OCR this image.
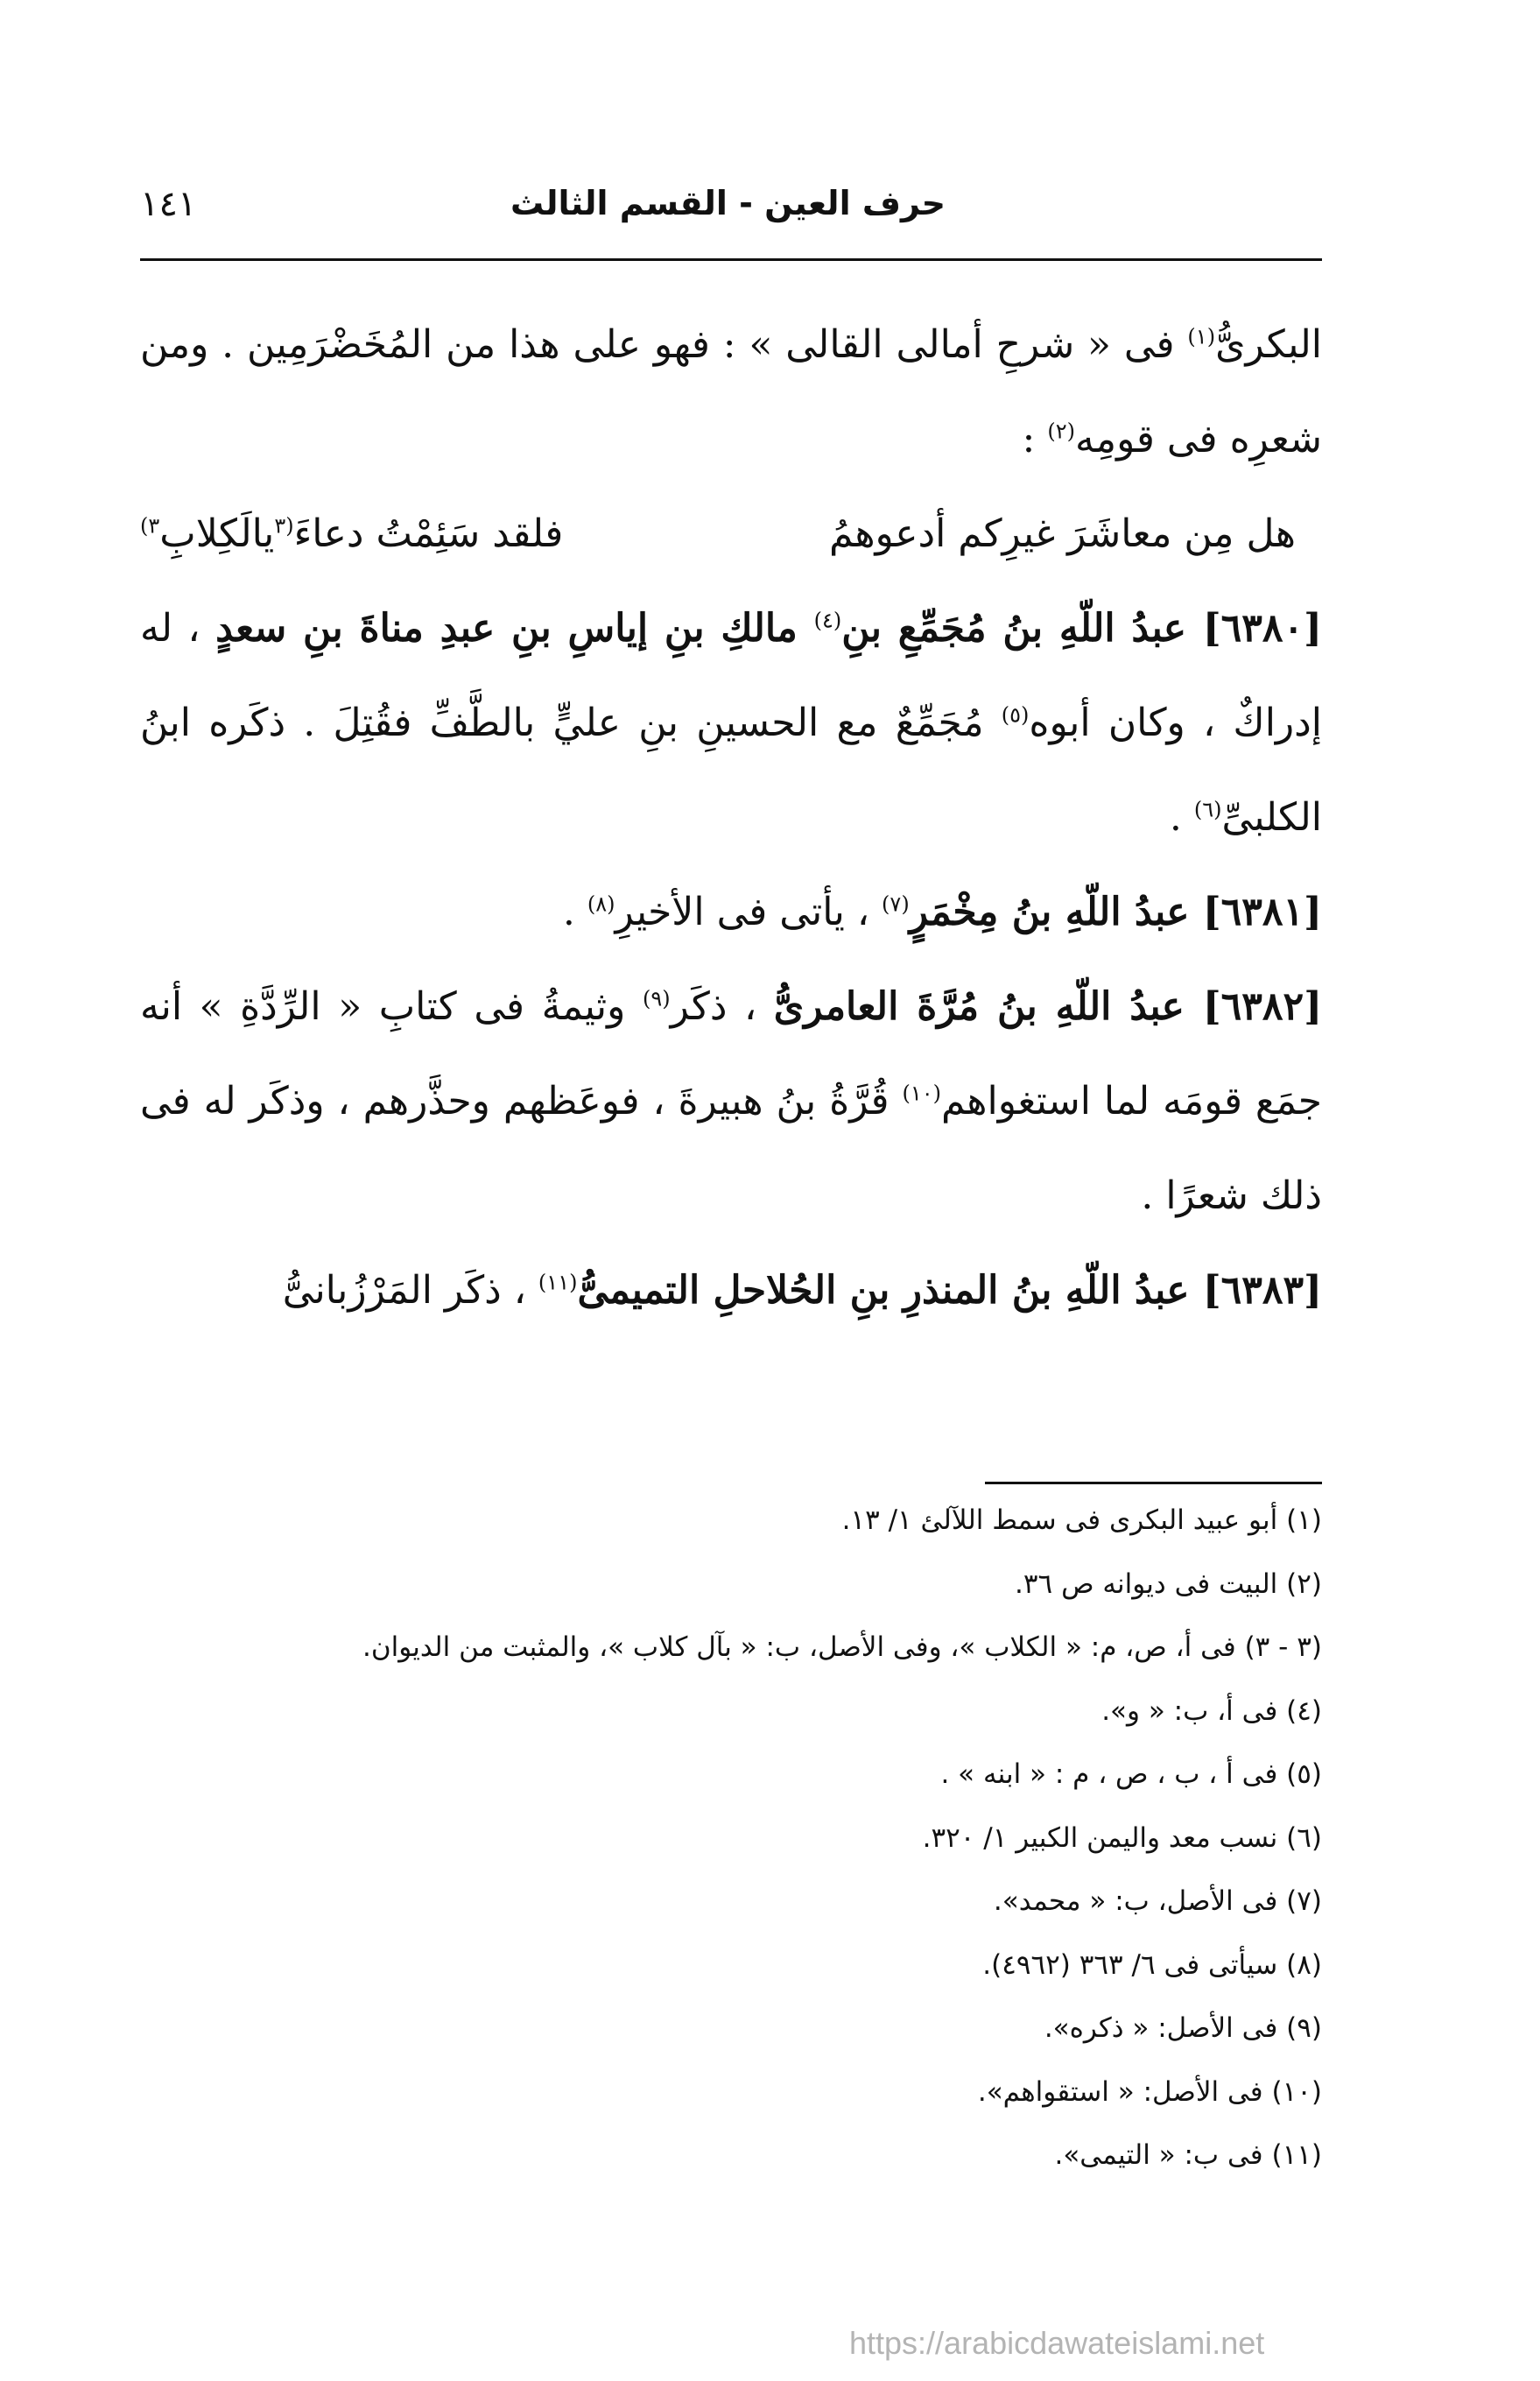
حرف العين - القسم الثالث
١٤١

البكرىُّ$^{(١)}$ فى « شرحِ أمالى القالى » : فهو على هذا من المُخَضْرَمِين . ومن شعرِه فى قومِه$^{(٢)}$ :

هل مِن معاشَرَ غيرِكم أدعوهمُ
فلقد سَئِمْتُ دعاءَ$^{(٣}$يالَكِلابِ$^{٣)}$

[٦٣٨٠] عبدُ اللّهِ بنُ مُجَمِّعِ بنِ$^{(٤)}$ مالكِ بنِ إياسِ بنِ عبدِ مناةَ بنِ سعدٍ ، له إدراكٌ ، وكان أبوه$^{(٥)}$ مُجَمِّعٌ مع الحسينِ بنِ عليٍّ بالطَّفِّ فقُتِلَ . ذكَره ابنُ الكلبىِّ$^{(٦)}$ .

[٦٣٨١] عبدُ اللّهِ بنُ مِخْمَرٍ$^{(٧)}$ ، يأتى فى الأخيرِ$^{(٨)}$ .

[٦٣٨٢] عبدُ اللّهِ بنُ مُرَّةَ العامرىُّ ، ذكَر$^{(٩)}$ وثيمةُ فى كتابِ « الرِّدَّةِ » أنه جمَع قومَه لما استغواهم$^{(١٠)}$ قُرَّةُ بنُ هبيرةَ ، فوعَظهم وحذَّرهم ، وذكَر له فى ذلك شعرًا .

[٦٣٨٣] عبدُ اللّهِ بنُ المنذرِ بنِ الحُلاحلِ التميمىُّ$^{(١١)}$ ، ذكَر المَرْزُبانىُّ

(١) أبو عبيد البكرى فى سمط اللآلئ ١/ ١٣.

(٢) البيت فى ديوانه ص ٣٦.

(٣ - ٣) فى أ، ص، م: « الكلاب »، وفى الأصل، ب: « بآل كلاب »، والمثبت من الديوان.

(٤) فى أ، ب: « و».

(٥) فى أ ، ب ، ص ، م : « ابنه » .

(٦) نسب معد واليمن الكبير ١/ ٣٢٠.

(٧) فى الأصل، ب: « محمد».

(٨) سيأتى فى ٦/ ٣٦٣ (٤٩٦٢).

(٩) فى الأصل: « ذكره».

(١٠) فى الأصل: « استقواهم».

(١١) فى ب: « التيمى».

https://arabicdawateislami.net
